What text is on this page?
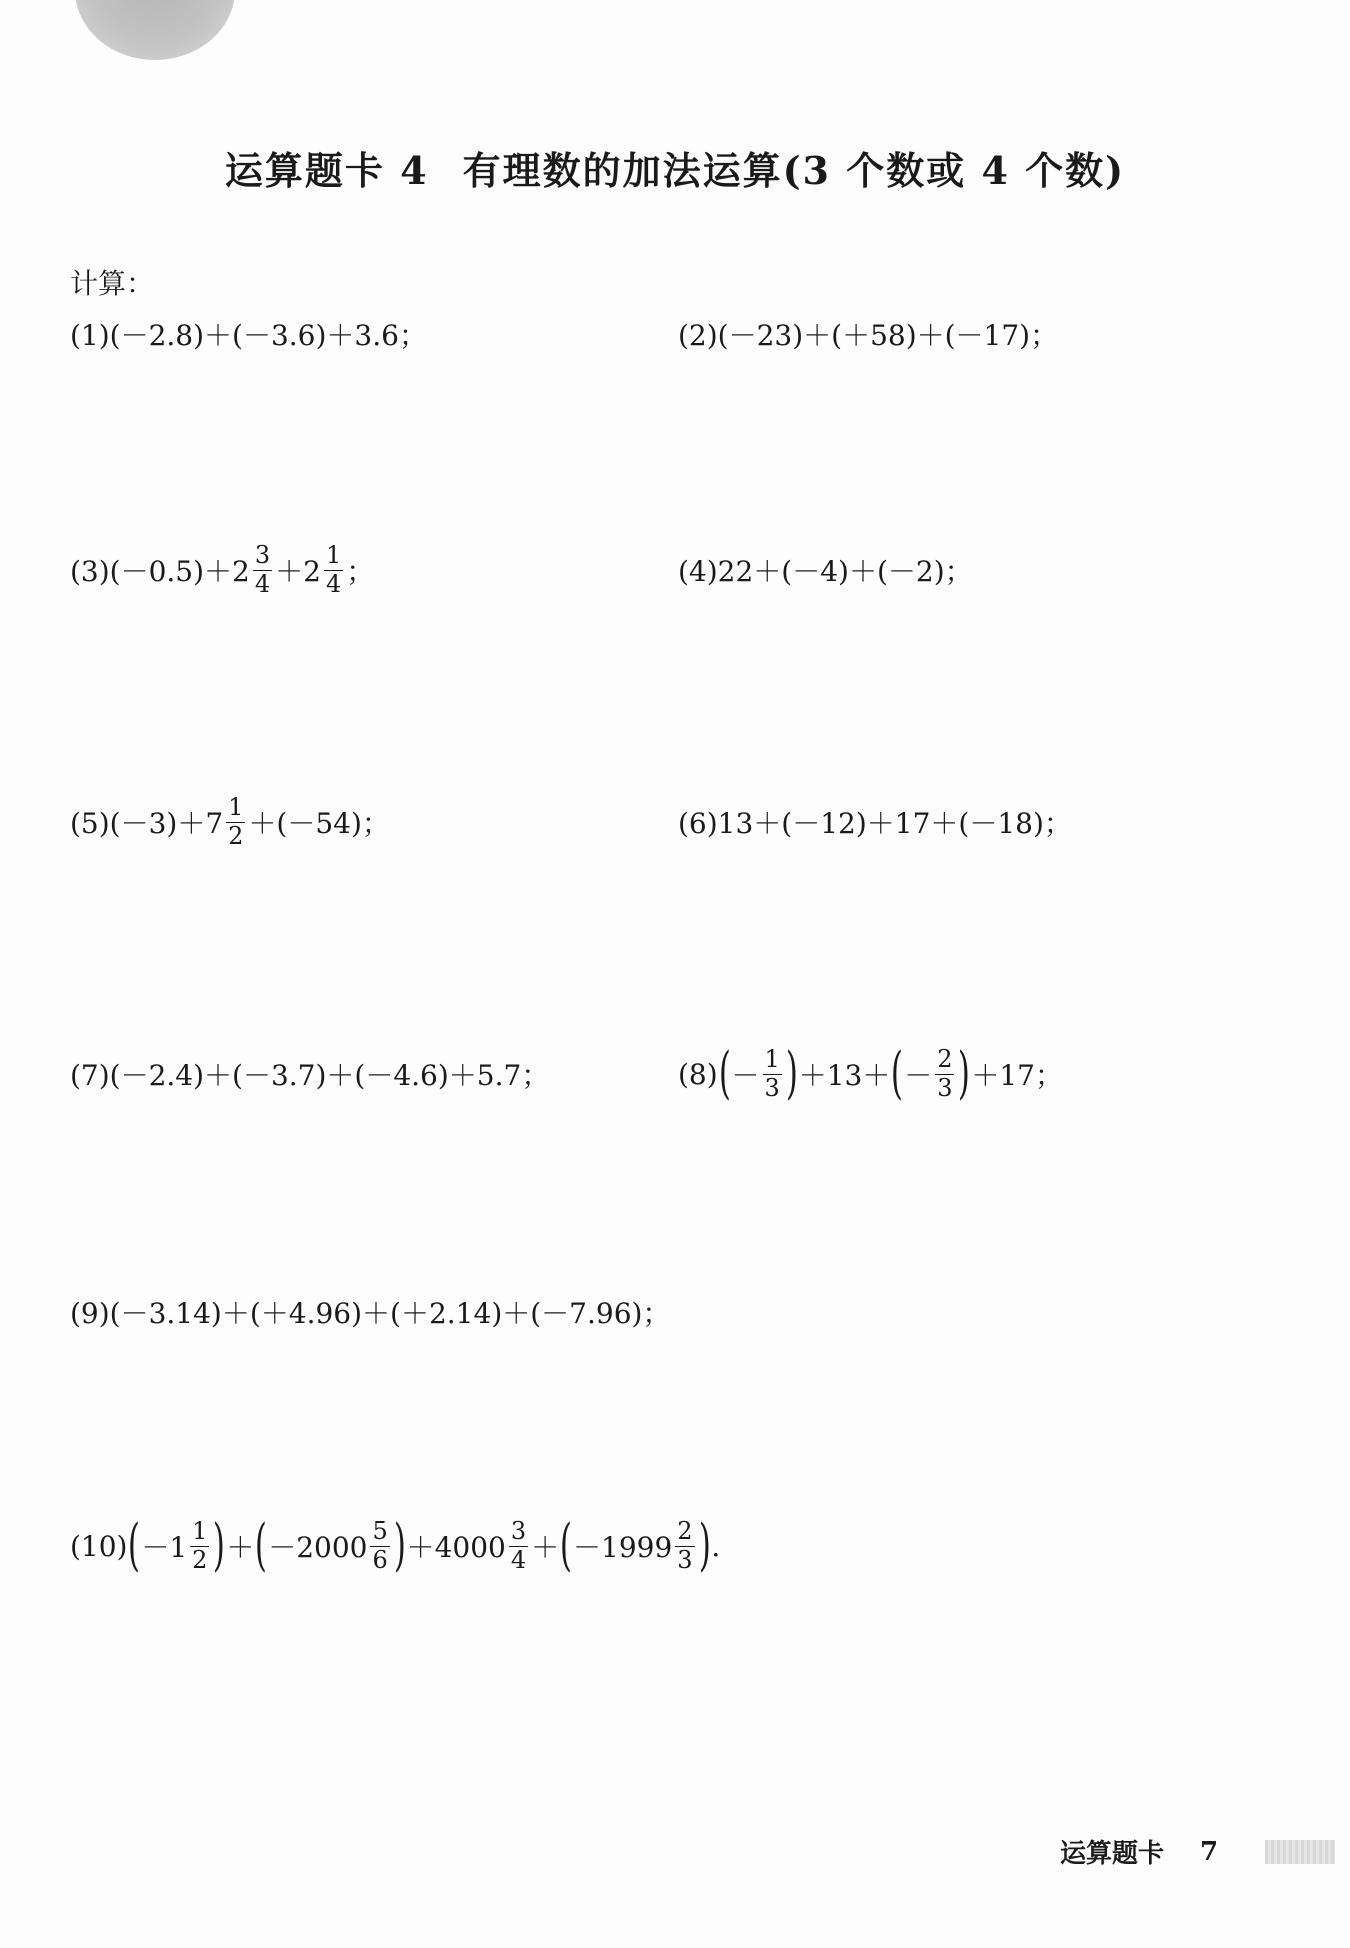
运算题卡 4 有理数的加法运算(3 个数或 4 个数)
计算：
(1)(－2.8)＋(－3.6)＋3.6；	(2)(－23)＋(＋58)＋(－17)；
$(3)(-0.5)+2 \frac{3}{4} +2 \frac{1}{4}$ ；	(4)22＋(－4)＋(－2)；
$(5)(-3)+7 \frac{1}{2} +(-54)$；	(6)13＋(－12)＋17＋(－18)；
(7)(－2.4)＋(－3.7)＋(－4.6)＋5.7；	(8) ( － $\frac{1}{3}$ ) ＋13＋ ( － $\frac{2}{3}$ ) ＋17；
(9)(－3.14)＋(＋4.96)＋(＋2.14)＋(－7.96)；
(10) ( $-1 \frac{1}{2}$ ) ＋ ( $-2000 \frac{5}{6}$ ) $+4000 \frac{3}{4}$ ＋ ( $-1999 \frac{2}{3}$ ) .
运算题卡 7
